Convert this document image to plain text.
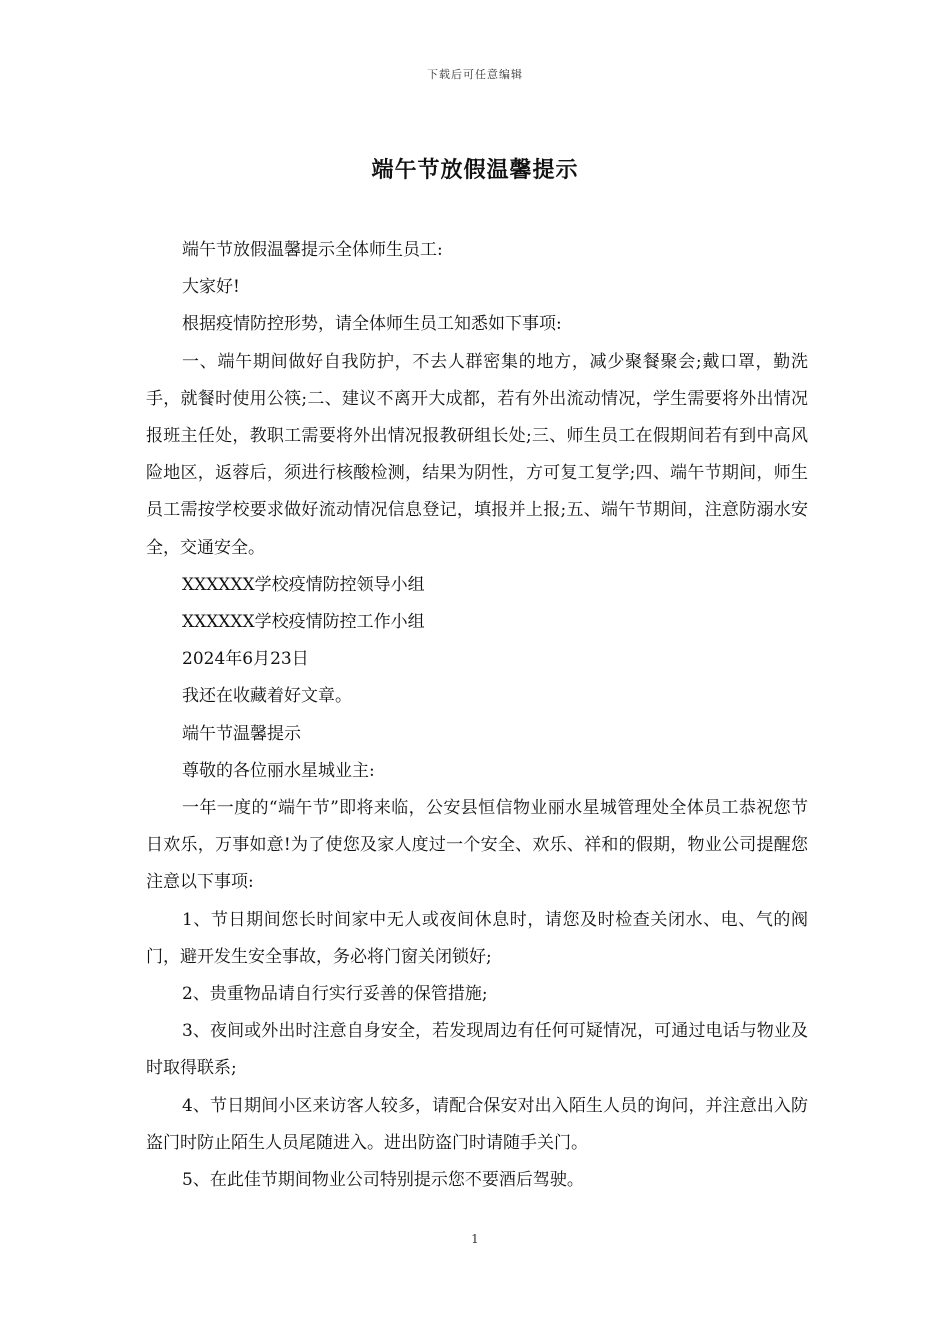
下载后可任意编辑
端午节放假温馨提示

端午节放假温馨提示全体师生员工:

大家好!

根据疫情防控形势，请全体师生员工知悉如下事项:

一、端午期间做好自我防护，不去人群密集的地方，减少聚餐聚会;戴口罩，勤洗手，就餐时使用公筷;二、建议不离开大成都，若有外出流动情况，学生需要将外出情况报班主任处，教职工需要将外出情况报教研组长处;三、师生员工在假期间若有到中高风险地区，返蓉后，须进行核酸检测，结果为阴性，方可复工复学;四、端午节期间，师生员工需按学校要求做好流动情况信息登记，填报并上报;五、端午节期间，注意防溺水安全，交通安全。

XXXXXX学校疫情防控领导小组

XXXXXX学校疫情防控工作小组

2024年6月23日

我还在收藏着好文章。

端午节温馨提示

尊敬的各位丽水星城业主:

一年一度的“端午节”即将来临，公安县恒信物业丽水星城管理处全体员工恭祝您节日欢乐，万事如意!为了使您及家人度过一个安全、欢乐、祥和的假期，物业公司提醒您注意以下事项:

1、节日期间您长时间家中无人或夜间休息时，请您及时检查关闭水、电、气的阀门，避开发生安全事故，务必将门窗关闭锁好;

2、贵重物品请自行实行妥善的保管措施;

3、夜间或外出时注意自身安全，若发现周边有任何可疑情况，可通过电话与物业及时取得联系;

4、节日期间小区来访客人较多，请配合保安对出入陌生人员的询问，并注意出入防盗门时防止陌生人员尾随进入。进出防盗门时请随手关门。

5、在此佳节期间物业公司特别提示您不要酒后驾驶。

1
